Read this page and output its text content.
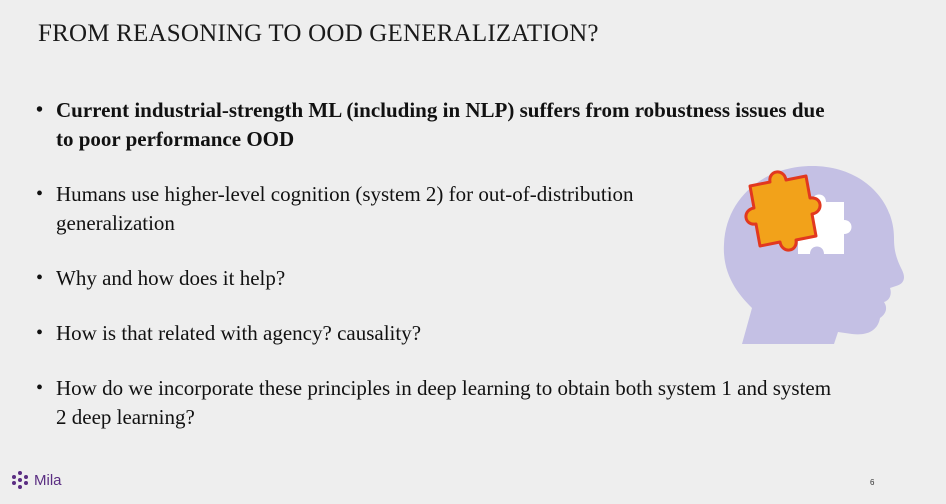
FROM REASONING TO OOD GENERALIZATION?
• Current industrial-strength ML (including in NLP) suffers from robustness issues due to poor performance OOD
• Humans use higher-level cognition (system 2) for out-of-distribution generalization
• Why and how does it help?
• How is that related with agency? causality?
• How do we incorporate these principles in deep learning to obtain both system 1 and system 2 deep learning?
Mila	6
